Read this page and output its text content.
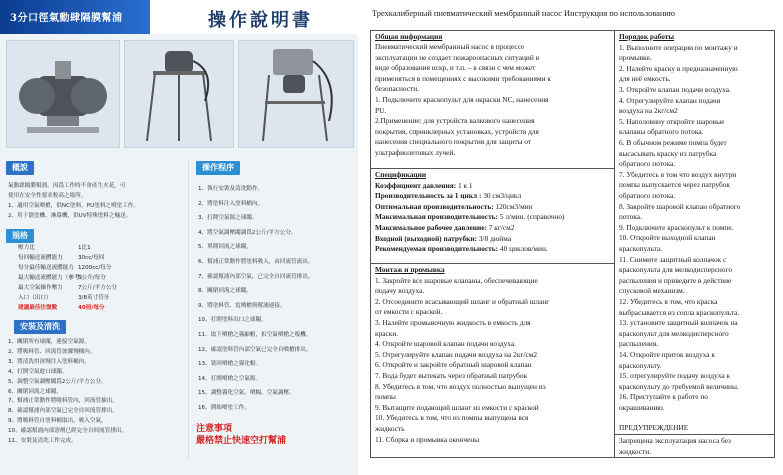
3分口徑氣動肆隔膜幫浦	操作說明書
概說
氣動肆隔膜幫浦，因爲工作時不會產生火花，可
使用在安全性要求較高之場所。
1、適用空氣噴槍，供NC塗料，PU塗料之噴塗工作。
2、用于滾塗機、淋幕機，供UV特殊塗料之輸送。
規格
壓力比	1比1
每回輸送流體能力	30cc/每回
每分最佳輸送流體能力 1200cc/每分
最大輸送流體能力（參考）5公升/每分
最大空氣操作壓力	7公斤/平方公分
入口（出口）	3/8英寸管牙
建議最佳往復數	40冊/每分
安裝及清洗
1、關閉所有球閥，連接空氣源。
2、將吸料管、回流管放滌劑桶內。
3、將清洗用溶劑注入塗料桶內。
4、打開空氣進口球閥。
5、調整空氣調壓閥爲2公斤/平方公分。
6、關閉回流之球閥。
7、幫浦正常動作將吸料管內，回流管抽出。
8、確認幫浦內部空氣已完全自回流管排出。
9、將吸料管自塗料桶取出，吸入空氣。
10、確認幫浦內部溶劑已經完全自回流管排出。
11、安裝及清洗工作完成。
操作程序
1、執行安裝及清洗動作。
2、將塗料注入塗料桶內。
3、打開空氣源之球閥。
4、將空氣調壓閥調爲2公斤/平方公分。
5、單開回流之球閥。
6、幫浦正常動作將塗料吸入，由回流管流出。
7、確認幫浦內部空氣，已完全自回流管排出。
8、關閉回流之球閥。
9、將塗料管、霓噴槍與幫浦連接。
10、打開塗料出口之球閥。
11、取下噴槍之霧縮帽，扣空氣噴槍之板機。
12、確認塗料管內部空氣已完全自噴槍排出。
13、裝回噴槍之霧化帽。
14、打開噴槍之空氣源。
15、調整霧化空氣、噴幅、空氣調壓。
16、開始噴塗工作。
注意事項
嚴格禁止快速空打幫浦
Трехкалиберный пневматический мембранный насос Инструкция по использованию
Общая информация
Пневматический мембранный насос в процессе
эксплуатации не создает пожароопасных ситуаций в
виде образования искр, и т.п. – в связи с чем может
применяться в помещениях с высокими требованиями к
безопасности.
1. Подключите краскопульт для окраски NC, нанесения
PU.
2.Применение: для устройств валкового нанесения
покрытия, спринклерных установках, устройств для
нанесения специального покрытия для защиты от
ультрафиолетовых лучей.
Спецификации
Коэффициент давления: 1 к 1
Производительность за 1 цикл : 30 см3/цикл
Оптимальная производительность: 120см3/мин
Максимальная производительность: 5 л/мин. (справочно)
Максимальное рабочее давление: 7 кг/см2
Входной (выходной) патрубки: 3/8 дюйма
Рекомендуемая производительность: 40 циклов/мин.
Монтаж и промывка
1. Закройте все шаровые клапаны, обеспечивающие
подачу воздуха.
2. Отсоедините всасывающий шланг и обратный шланг
от емкости с краской.
3. Налейте промывочную жидкость в емкость для
краски.
4. Откройте шаровой клапан подачи воздуха.
5. Отрегулируйте клапан подачи воздуха на 2кг/см2
6. Откройте и закройте обратный шаровой клапан
7. Вода будет вытекать через обратный патрубок
8. Убедитесь в том, что воздух полностью выпущен из
помпы
9. Вытащите подающий шланг из емкости с краской
10. Убедитесь в том, что из помпы выпущена вся
жидкость
11. Сборка и промывка окончены
Порядок работы
1. Выполните операции по монтажу и
промывке.
2. Налейте краску в предназначенную
для неё емкость.
3. Откройте клапан подачи воздуха.
4. Отрегулируйте клапан подачи
воздуха на 2кг/см2
5. Наполовину откройте шаровые
клапаны обратного потока.
6. В обычном режиме помпа будет
высасывать краску из патрубка
обратного потока.
7. Убедитесь в том что воздух внутри
помпы выпускается через патрубок
обратного потока.
8. Закройте шаровой клапан обратного
потока.
9. Подключите краскопульт к помпе.
10. Откройте выходной клапан
краскопульта.
11. Снимите защитный колпачок с
краскопульта для мелкодисперсного
распыления и приведите в действие
спусковой механизм.
12. Убедитесь в том, что краска
выбрасывается из сопла краскопульта.
13. установите защитный колпачок на
краскопульт для мелкодисперсного
распыления.
14. Откройте приток воздуха к
краскопульту.
15. отрегулируйте подачу воздуха к
краскопульту до требуемой величины.
16. Приступайте к работе по
окрашиванию.
ПРЕДУПРЕЖДЕНИЕ
Запрещена эксплуатация насоса без
жидкости.
